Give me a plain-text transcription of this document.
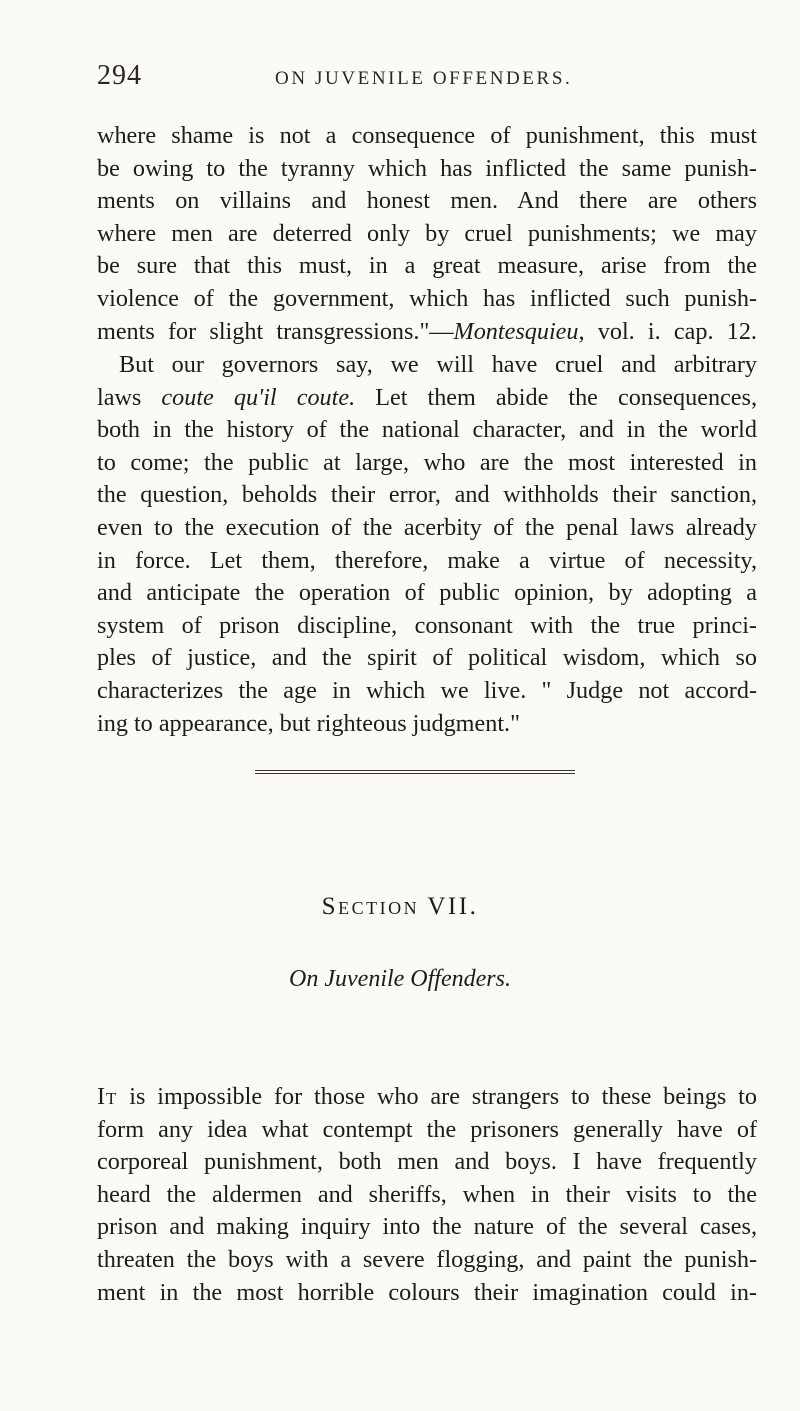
294	ON JUVENILE OFFENDERS.
where shame is not a consequence of punishment, this must
be owing to the tyranny which has inflicted the same punish-
ments on villains and honest men. And there are others
where men are deterred only by cruel punishments; we may
be sure that this must, in a great measure, arise from the
violence of the government, which has inflicted such punish-
ments for slight transgressions."—Montesquieu, vol. i. cap. 12.
But our governors say, we will have cruel and arbitrary
laws coute qu'il coute. Let them abide the consequences,
both in the history of the national character, and in the world
to come; the public at large, who are the most interested in
the question, beholds their error, and withholds their sanction,
even to the execution of the acerbity of the penal laws already
in force. Let them, therefore, make a virtue of necessity,
and anticipate the operation of public opinion, by adopting a
system of prison discipline, consonant with the true princi-
ples of justice, and the spirit of political wisdom, which so
characterizes the age in which we live. " Judge not accord-
ing to appearance, but righteous judgment."
Section VII.
On Juvenile Offenders.
It is impossible for those who are strangers to these beings to
form any idea what contempt the prisoners generally have of
corporeal punishment, both men and boys. I have frequently
heard the aldermen and sheriffs, when in their visits to the
prison and making inquiry into the nature of the several cases,
threaten the boys with a severe flogging, and paint the punish-
ment in the most horrible colours their imagination could in-
